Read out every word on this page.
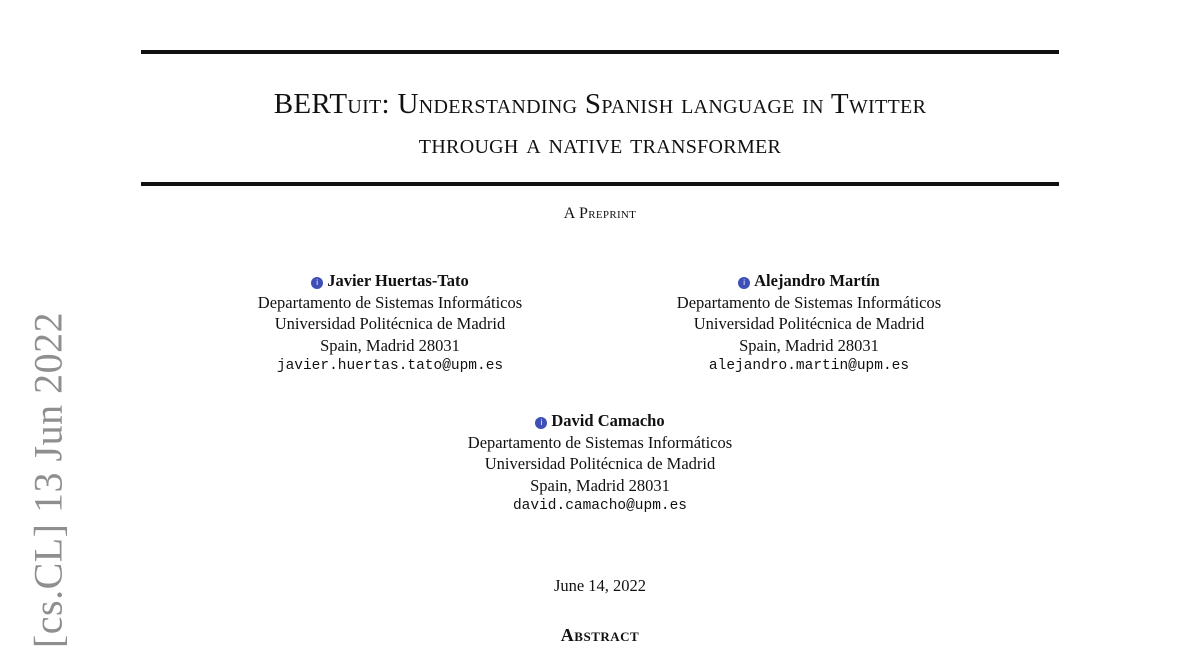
[cs.CL] 13 Jun 2022
BERTuit: Understanding Spanish language in Twitter
through a native transformer
A Preprint
i Javier Huertas-Tato
Departamento de Sistemas Informáticos
Universidad Politécnica de Madrid
Spain, Madrid 28031
javier.huertas.tato@upm.es
i Alejandro Martín
Departamento de Sistemas Informáticos
Universidad Politécnica de Madrid
Spain, Madrid 28031
alejandro.martin@upm.es
i David Camacho
Departamento de Sistemas Informáticos
Universidad Politécnica de Madrid
Spain, Madrid 28031
david.camacho@upm.es
June 14, 2022
Abstract
